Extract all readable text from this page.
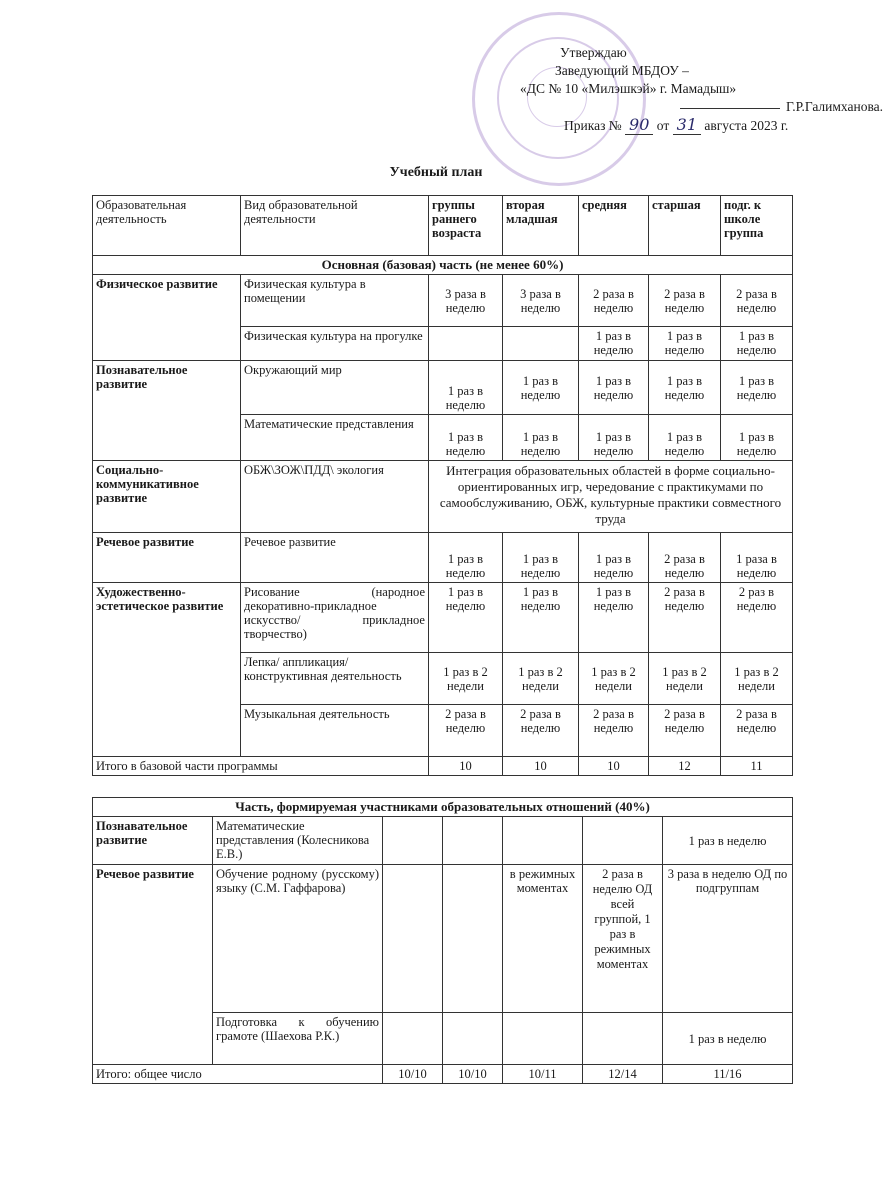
Утверждаю
Заведующий МБДОУ –
«ДС № 10 «Милэшкэй» г. Мамадыш»
Г.Р.Галимханова.
Приказ № 90 от 31 августа 2023 г.
Учебный план
Образовательная деятельность	Вид образовательной деятельности	группы раннего возраста	вторая младшая	средняя	старшая	подг. к школе группа
Основная (базовая) часть (не менее 60%)						
Физическое развитие	Физическая культура в помещении	3 раза в неделю	3 раза в неделю	2 раза в неделю	2 раза в неделю	2 раза в неделю
	Физическая культура на прогулке			1 раз в неделю	1 раз в неделю	1 раз в неделю
Познавательное развитие	Окружающий мир	1 раз в неделю	1 раз в неделю	1 раз в неделю	1 раз в неделю	1 раз в неделю
	Математические представления	1 раз в неделю	1 раз в неделю	1 раз в неделю	1 раз в неделю	1 раз в неделю
Социально-коммуникативное развитие	ОБЖ\ЗОЖ\ПДД\ экология	Интеграция образовательных областей в форме социально-ориентированных игр, чередование с практикумами по самообслуживанию, ОБЖ, культурные практики совместного труда				
Речевое развитие	Речевое развитие	1 раз в неделю	1 раз в неделю	1 раз в неделю	2 раза в неделю	1 раза в неделю
Художественно-эстетическое развитие	Рисование (народное декоративно-прикладное искусство/ прикладное творчество)	1 раз в неделю	1 раз в неделю	1 раз в неделю	2 раза в неделю	2 раз в неделю
	Лепка/ аппликация/конструктивная деятельность	1 раз в 2 недели	1 раз в 2 недели	1 раз в 2 недели	1 раз в 2 недели	1 раз в 2 недели
	Музыкальная деятельность	2 раза в неделю	2 раза в неделю	2 раза в неделю	2 раза в неделю	2 раза в неделю
Итого в базовой части программы		10	10	10	12	11
Часть, формируемая участниками образовательных отношений (40%)						
Познавательное развитие	Математические представления (Колесникова Е.В.)					1 раз в неделю
Речевое развитие	Обучение родному (русскому) языку (С.М. Гаффарова)			в режимных моментах	2 раза в неделю ОД всей группой, 1 раз в режимных моментах	3 раза в неделю ОД по подгруппам
	Подготовка к обучению грамоте (Шаехова Р.К.)					1 раз в неделю
Итого: общее число		10/10	10/10	10/11	12/14	11/16
